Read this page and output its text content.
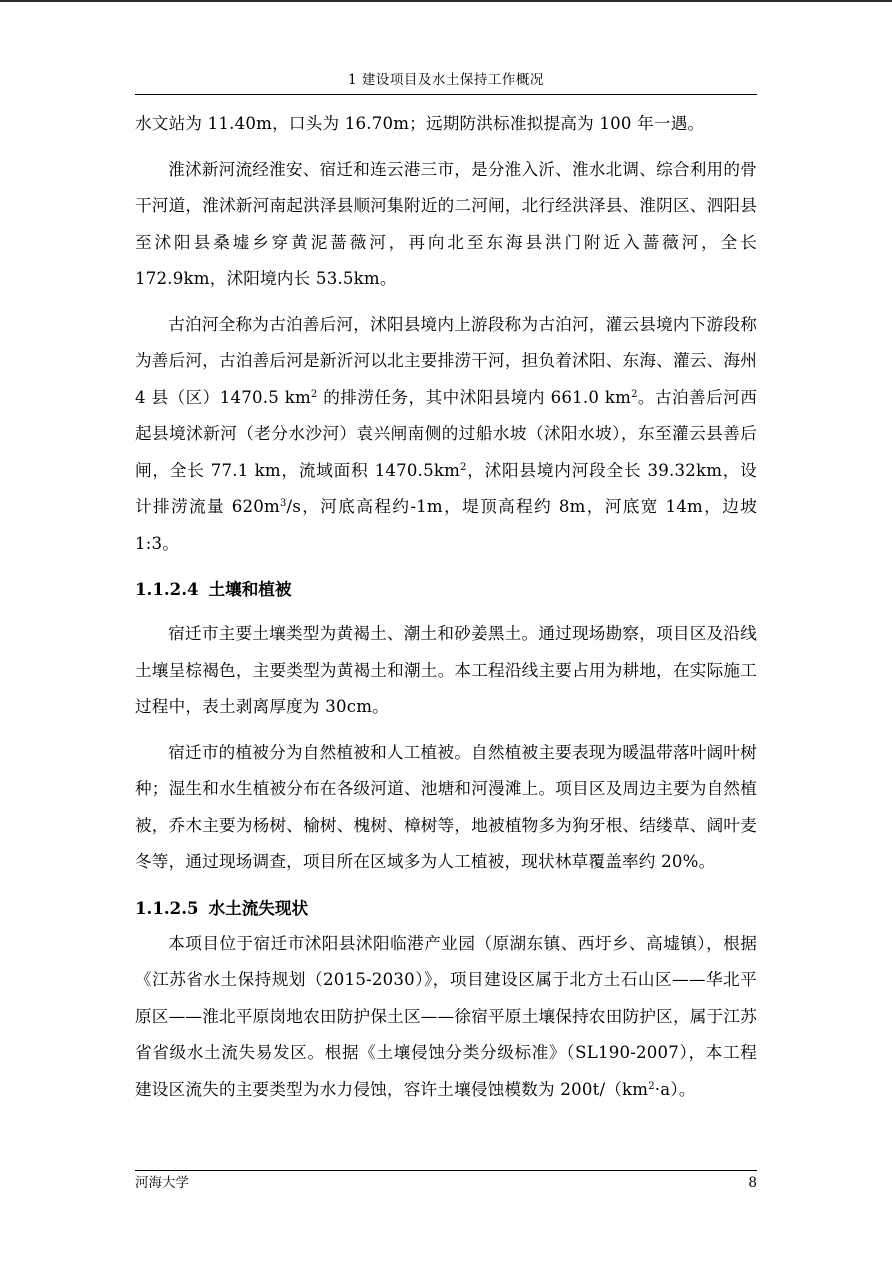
1 建设项目及水土保持工作概况

水文站为 11.40m，口头为 16.70m；远期防洪标准拟提高为 100 年一遇。

淮沭新河流经淮安、宿迁和连云港三市，是分淮入沂、淮水北调、综合利用的骨干河道，淮沭新河南起洪泽县顺河集附近的二河闸，北行经洪泽县、淮阴区、泗阳县至沭阳县桑墟乡穿黄泥蔷薇河，再向北至东海县洪门附近入蔷薇河，全长 172.9km，沭阳境内长 53.5km。

古泊河全称为古泊善后河，沭阳县境内上游段称为古泊河，灌云县境内下游段称为善后河，古泊善后河是新沂河以北主要排涝干河，担负着沭阳、东海、灌云、海州 4 县（区）1470.5 $km^2$ 的排涝任务，其中沭阳县境内 661.0 $km^2$。古泊善后河西起县境沭新河（老分水沙河）袁兴闸南侧的过船水坡（沭阳水坡），东至灌云县善后闸，全长 77.1 km，流域面积 $1470.5km^2$，沭阳县境内河段全长 39.32km，设计排涝流量 $620m^3/s$，河底高程约-1m，堤顶高程约 8m，河底宽 14m，边坡 1:3。

1.1.2.4 土壤和植被

宿迁市主要土壤类型为黄褐土、潮土和砂姜黑土。通过现场勘察，项目区及沿线土壤呈棕褐色，主要类型为黄褐土和潮土。本工程沿线主要占用为耕地，在实际施工过程中，表土剥离厚度为 30cm。

宿迁市的植被分为自然植被和人工植被。自然植被主要表现为暖温带落叶阔叶树种；湿生和水生植被分布在各级河道、池塘和河漫滩上。项目区及周边主要为自然植被，乔木主要为杨树、榆树、槐树、樟树等，地被植物多为狗牙根、结缕草、阔叶麦冬等，通过现场调查，项目所在区域多为人工植被，现状林草覆盖率约 20%。

1.1.2.5 水土流失现状

本项目位于宿迁市沭阳县沭阳临港产业园（原湖东镇、西圩乡、高墟镇），根据《江苏省水土保持规划（2015-2030）》，项目建设区属于北方土石山区——华北平原区——淮北平原岗地农田防护保土区——徐宿平原土壤保持农田防护区，属于江苏省省级水土流失易发区。根据《土壤侵蚀分类分级标准》（SL190-2007），本工程建设区流失的主要类型为水力侵蚀，容许土壤侵蚀模数为 $200t/(km^2\cdot a)$。

河海大学	8
